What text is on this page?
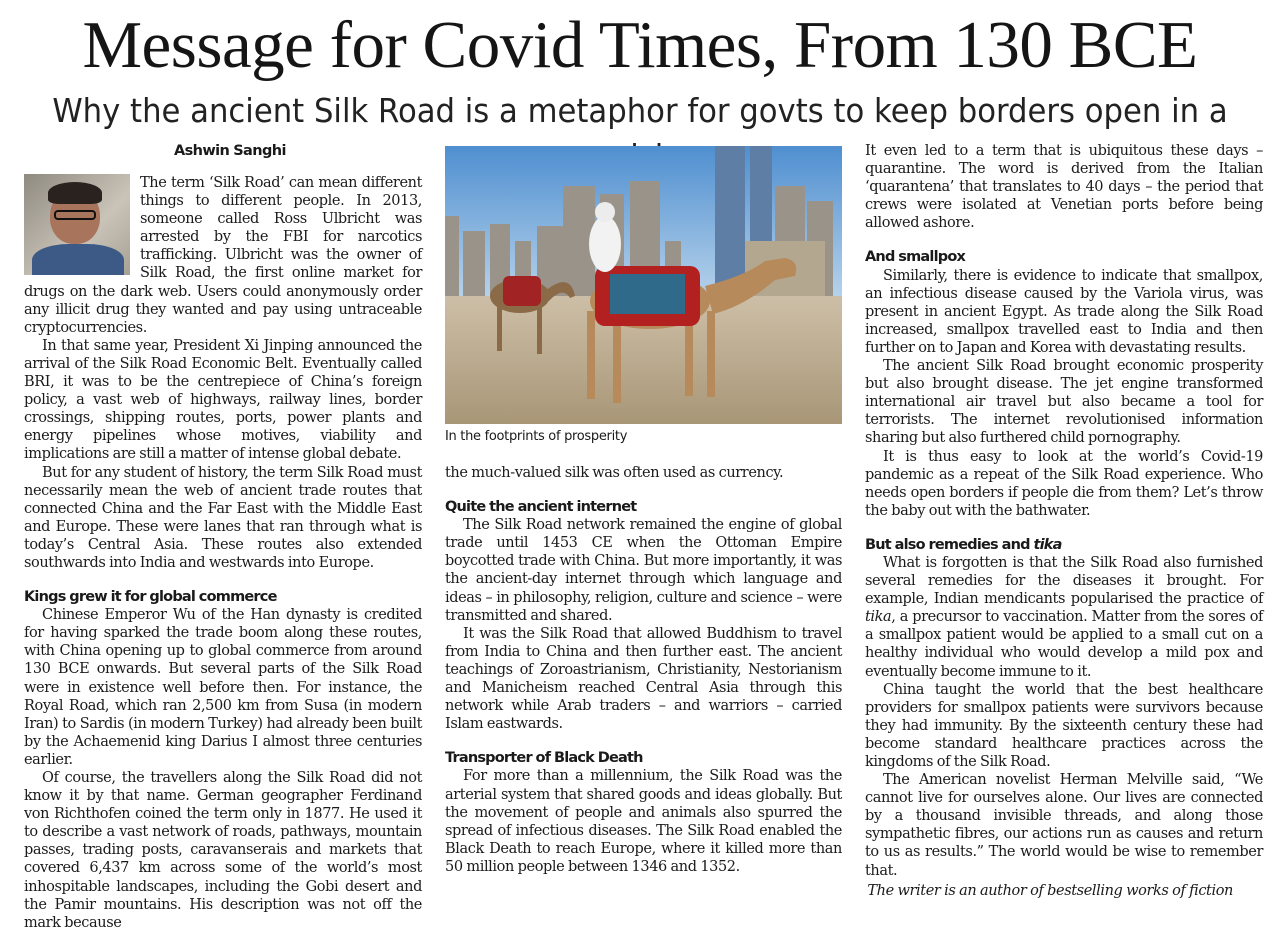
Message for Covid Times, From 130 BCE
Why the ancient Silk Road is a metaphor for govts to keep borders open in a
Ashwin Sanghi

The term ‘Silk Road’ can mean different things to different people. In 2013, someone called Ross Ulbricht was arrested by the FBI for narcotics trafficking. Ulbricht was the owner of Silk Road, the first online market for drugs on the dark web. Users could anonymously order any illicit drug they wanted and pay using untraceable cryptocurrencies.

In that same year, President Xi Jinping announced the arrival of the Silk Road Economic Belt. Eventually called BRI, it was to be the centrepiece of China’s foreign policy, a vast web of highways, railway lines, border crossings, shipping routes, ports, power plants and energy pipelines whose motives, viability and implications are still a matter of intense global debate.

But for any student of history, the term Silk Road must necessarily mean the web of ancient trade routes that connected China and the Far East with the Middle East and Europe. These were lanes that ran through what is today’s Central Asia. These routes also extended southwards into India and westwards into Europe.

Kings grew it for global commerce

Chinese Emperor Wu of the Han dynasty is credited for having sparked the trade boom along these routes, with China opening up to global commerce from around 130 BCE onwards. But several parts of the Silk Road were in existence well before then. For instance, the Royal Road, which ran 2,500 km from Susa (in modern Iran) to Sardis (in modern Turkey) had already been built by the Achaemenid king Darius I almost three centuries earlier.

Of course, the travellers along the Silk Road did not know it by that name. German geographer Ferdinand von Richthofen coined the term only in 1877. He used it to describe a vast network of roads, pathways, mountain passes, trading posts, caravanserais and markets that covered 6,437 km across some of the world’s most inhospitable landscapes, including the Gobi desert and the Pamir mountains. His description was not off the mark because

In the footprints of prosperity

the much-valued silk was often used as currency.

Quite the ancient internet

The Silk Road network remained the engine of global trade until 1453 CE when the Ottoman Empire boycotted trade with China. But more importantly, it was the ancient-day internet through which language and ideas – in philosophy, religion, culture and science – were transmitted and shared.

It was the Silk Road that allowed Buddhism to travel from India to China and then further east. The ancient teachings of Zoroastrianism, Christianity, Nestorianism and Manicheism reached Central Asia through this network while Arab traders – and warriors – carried Islam eastwards.

Transporter of Black Death

For more than a millennium, the Silk Road was the arterial system that shared goods and ideas globally. But the movement of people and animals also spurred the spread of infectious diseases. The Silk Road enabled the Black Death to reach Europe, where it killed more than 50 million people between 1346 and 1352.

It even led to a term that is ubiquitous these days – quarantine. The word is derived from the Italian ‘quarantena’ that translates to 40 days – the period that crews were isolated at Venetian ports before being allowed ashore.

And smallpox

Similarly, there is evidence to indicate that smallpox, an infectious disease caused by the Variola virus, was present in ancient Egypt. As trade along the Silk Road increased, smallpox travelled east to India and then further on to Japan and Korea with devastating results.

The ancient Silk Road brought economic prosperity but also brought disease. The jet engine transformed international air travel but also became a tool for terrorists. The internet revolutionised information sharing but also furthered child pornography.

It is thus easy to look at the world’s Covid-19 pandemic as a repeat of the Silk Road experience. Who needs open borders if people die from them? Let’s throw the baby out with the bathwater.

But also remedies and tika

What is forgotten is that the Silk Road also furnished several remedies for the diseases it brought. For example, Indian mendicants popularised the practice of tika, a precursor to vaccination. Matter from the sores of a smallpox patient would be applied to a small cut on a healthy individual who would develop a mild pox and eventually become immune to it.

China taught the world that the best healthcare providers for smallpox patients were survivors because they had immunity. By the sixteenth century these had become standard healthcare practices across the kingdoms of the Silk Road.

The American novelist Herman Melville said, “We cannot live for ourselves alone. Our lives are connected by a thousand invisible threads, and along those sympathetic fibres, our actions run as causes and return to us as results.” The world would be wise to remember that.

The writer is an author of bestselling works of fiction
